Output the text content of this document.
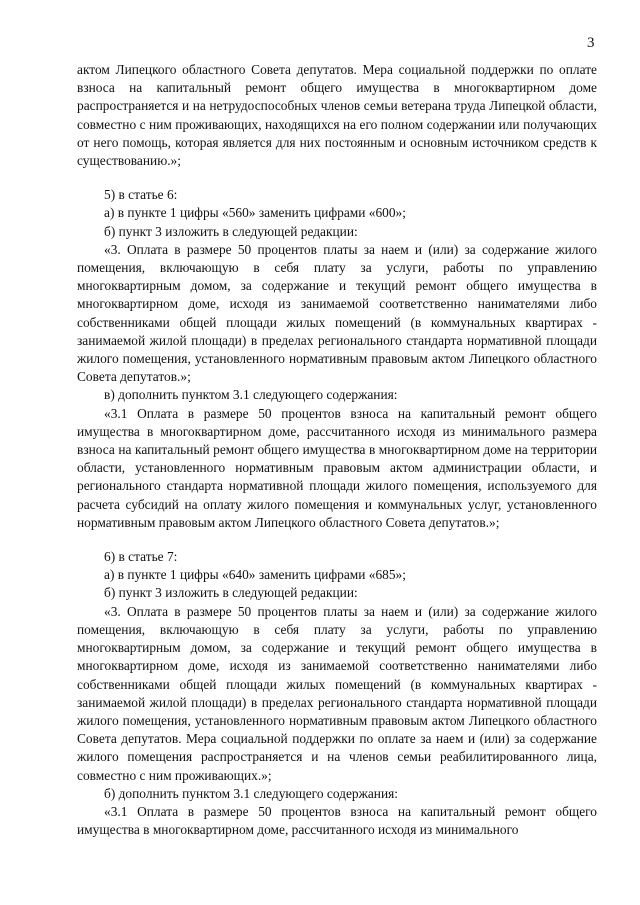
3
актом Липецкого областного Совета депутатов. Мера социальной поддержки по оплате взноса на капитальный ремонт общего имущества в многоквартирном доме распространяется и на нетрудоспособных членов семьи ветерана труда Липецкой области, совместно с ним проживающих, находящихся на его полном содержании или получающих от него помощь, которая является для них постоянным и основным источником средств к существованию.»;
5) в статье 6:
а) в пункте 1 цифры «560» заменить цифрами «600»;
б) пункт 3 изложить в следующей редакции:
«3. Оплата в размере 50 процентов платы за наем и (или) за содержание жилого помещения, включающую в себя плату за услуги, работы по управлению многоквартирным домом, за содержание и текущий ремонт общего имущества в многоквартирном доме, исходя из занимаемой соответственно нанимателями либо собственниками общей площади жилых помещений (в коммунальных квартирах - занимаемой жилой площади) в пределах регионального стандарта нормативной площади жилого помещения, установленного нормативным правовым актом Липецкого областного Совета депутатов.»;
в) дополнить пунктом 3.1 следующего содержания:
«3.1 Оплата в размере 50 процентов взноса на капитальный ремонт общего имущества в многоквартирном доме, рассчитанного исходя из минимального размера взноса на капитальный ремонт общего имущества в многоквартирном доме на территории области, установленного нормативным правовым актом администрации области, и регионального стандарта нормативной площади жилого помещения, используемого для расчета субсидий на оплату жилого помещения и коммунальных услуг, установленного нормативным правовым актом Липецкого областного Совета депутатов.»;
6) в статье 7:
а) в пункте 1 цифры «640» заменить цифрами «685»;
б) пункт 3 изложить в следующей редакции:
«3. Оплата в размере 50 процентов платы за наем и (или) за содержание жилого помещения, включающую в себя плату за услуги, работы по управлению многоквартирным домом, за содержание и текущий ремонт общего имущества в многоквартирном доме, исходя из занимаемой соответственно нанимателями либо собственниками общей площади жилых помещений (в коммунальных квартирах - занимаемой жилой площади) в пределах регионального стандарта нормативной площади жилого помещения, установленного нормативным правовым актом Липецкого областного Совета депутатов. Мера социальной поддержки по оплате за наем и (или) за содержание жилого помещения распространяется и на членов семьи реабилитированного лица, совместно с ним проживающих.»;
б) дополнить пунктом 3.1 следующего содержания:
«3.1 Оплата в размере 50 процентов взноса на капитальный ремонт общего имущества в многоквартирном доме, рассчитанного исходя из минимального
